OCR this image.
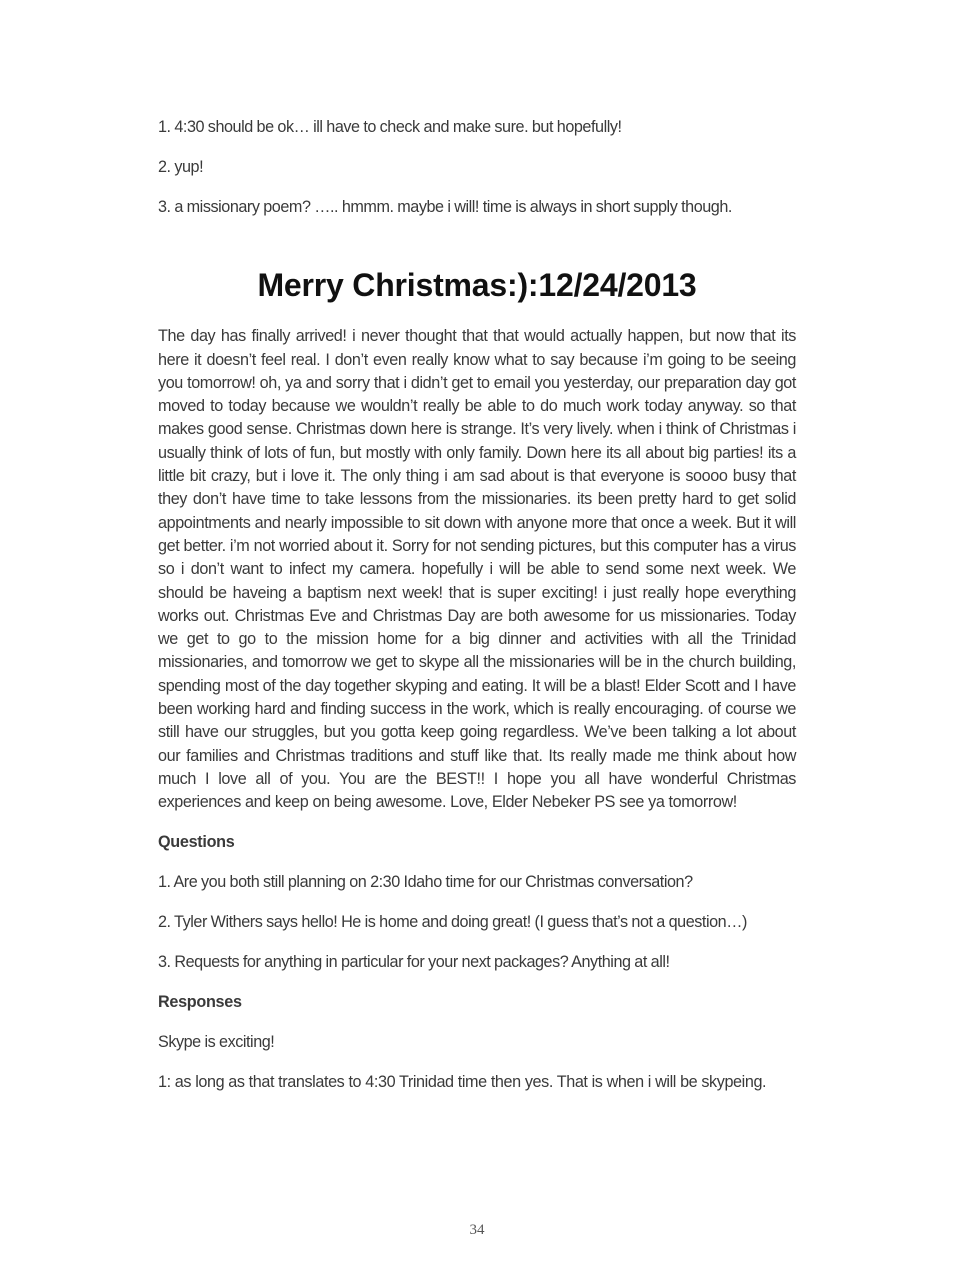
1. 4:30 should be ok… ill have to check and make sure. but hopefully!

2. yup!

3. a missionary poem? ….. hmmm. maybe i will! time is always in short supply though.

Merry Christmas:):12/24/2013

The day has finally arrived! i never thought that that would actually happen, but now that its here it doesn’t feel real. I don’t even really know what to say because i’m going to be seeing you tomorrow! oh, ya and sorry that i didn’t get to email you yesterday, our preparation day got moved to today because we wouldn’t really be able to do much work today anyway. so that makes good sense. Christmas down here is strange. It’s very lively. when i think of Christmas i usually think of lots of fun, but mostly with only family. Down here its all about big parties! its a little bit crazy, but i love it. The only thing i am sad about is that everyone is soooo busy that they don’t have time to take lessons from the missionaries. its been pretty hard to get solid appointments and nearly impossible to sit down with anyone more that once a week. But it will get better. i’m not worried about it. Sorry for not sending pictures, but this computer has a virus so i don’t want to infect my camera. hopefully i will be able to send some next week. We should be haveing a baptism next week! that is super exciting! i just really hope everything works out. Christmas Eve and Christmas Day are both awesome for us missionaries. Today we get to go to the mission home for a big dinner and activities with all the Trinidad missionaries, and tomorrow we get to skype all the missionaries will be in the church building, spending most of the day together skyping and eating. It will be a blast! Elder Scott and I have been working hard and finding success in the work, which is really encouraging. of course we still have our struggles, but you gotta keep going regardless. We’ve been talking a lot about our families and Christmas traditions and stuff like that. Its really made me think about how much I love all of you. You are the BEST!! I hope you all have wonderful Christmas experiences and keep on being awesome. Love, Elder Nebeker PS see ya tomorrow!

Questions

1. Are you both still planning on 2:30 Idaho time for our Christmas conversation?

2. Tyler Withers says hello! He is home and doing great! (I guess that’s not a question…)

3. Requests for anything in particular for your next packages? Anything at all!

Responses

Skype is exciting!

1: as long as that translates to 4:30 Trinidad time then yes. That is when i will be skypeing.

34
